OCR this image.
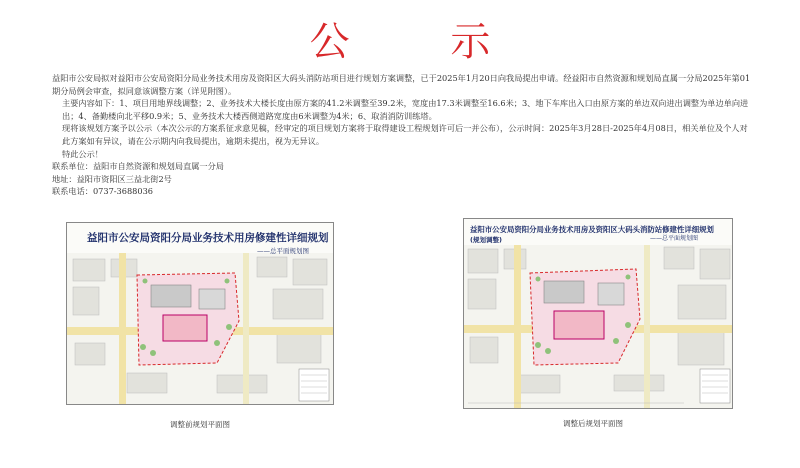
公 示

益阳市公安局拟对益阳市公安局资阳分局业务技术用房及资阳区大码头消防站项目进行规划方案调整，已于2025年1月20日向我局提出申请。经益阳市自然资源和规划局直属一分局2025年第01期分局例会审查，拟同意该调整方案（详见附图）。

主要内容如下：1、项目用地界线调整；2、业务技术大楼长度由原方案的41.2米调整至39.2米，宽度由17.3米调整至16.6米；3、地下车库出入口由原方案的单边双向进出调整为单边单向进出；4、备勤楼向北平移0.9米；5、业务技术大楼西侧道路宽度由6米调整为4米；6、取消消防训练塔。

现将该规划方案予以公示（本次公示的方案系征求意见稿，经审定的项目规划方案将于取得建设工程规划许可后一并公布），公示时间：2025年3月28日-2025年4月08日，相关单位及个人对此方案如有异议，请在公示期内向我局提出，逾期未提出，视为无异议。

特此公示！

联系单位：益阳市自然资源和规划局直属一分局

地址：益阳市资阳区三益北街2号

联系电话：0737-3688036

益阳市公安局资阳分局业务技术用房修建性详细规划
——总平面规划图
调整前规划平面图
益阳市公安局资阳分局业务技术用房及资阳区大码头消防站修建性详细规划
(规划调整)	——总平面规划图
调整后规划平面图
